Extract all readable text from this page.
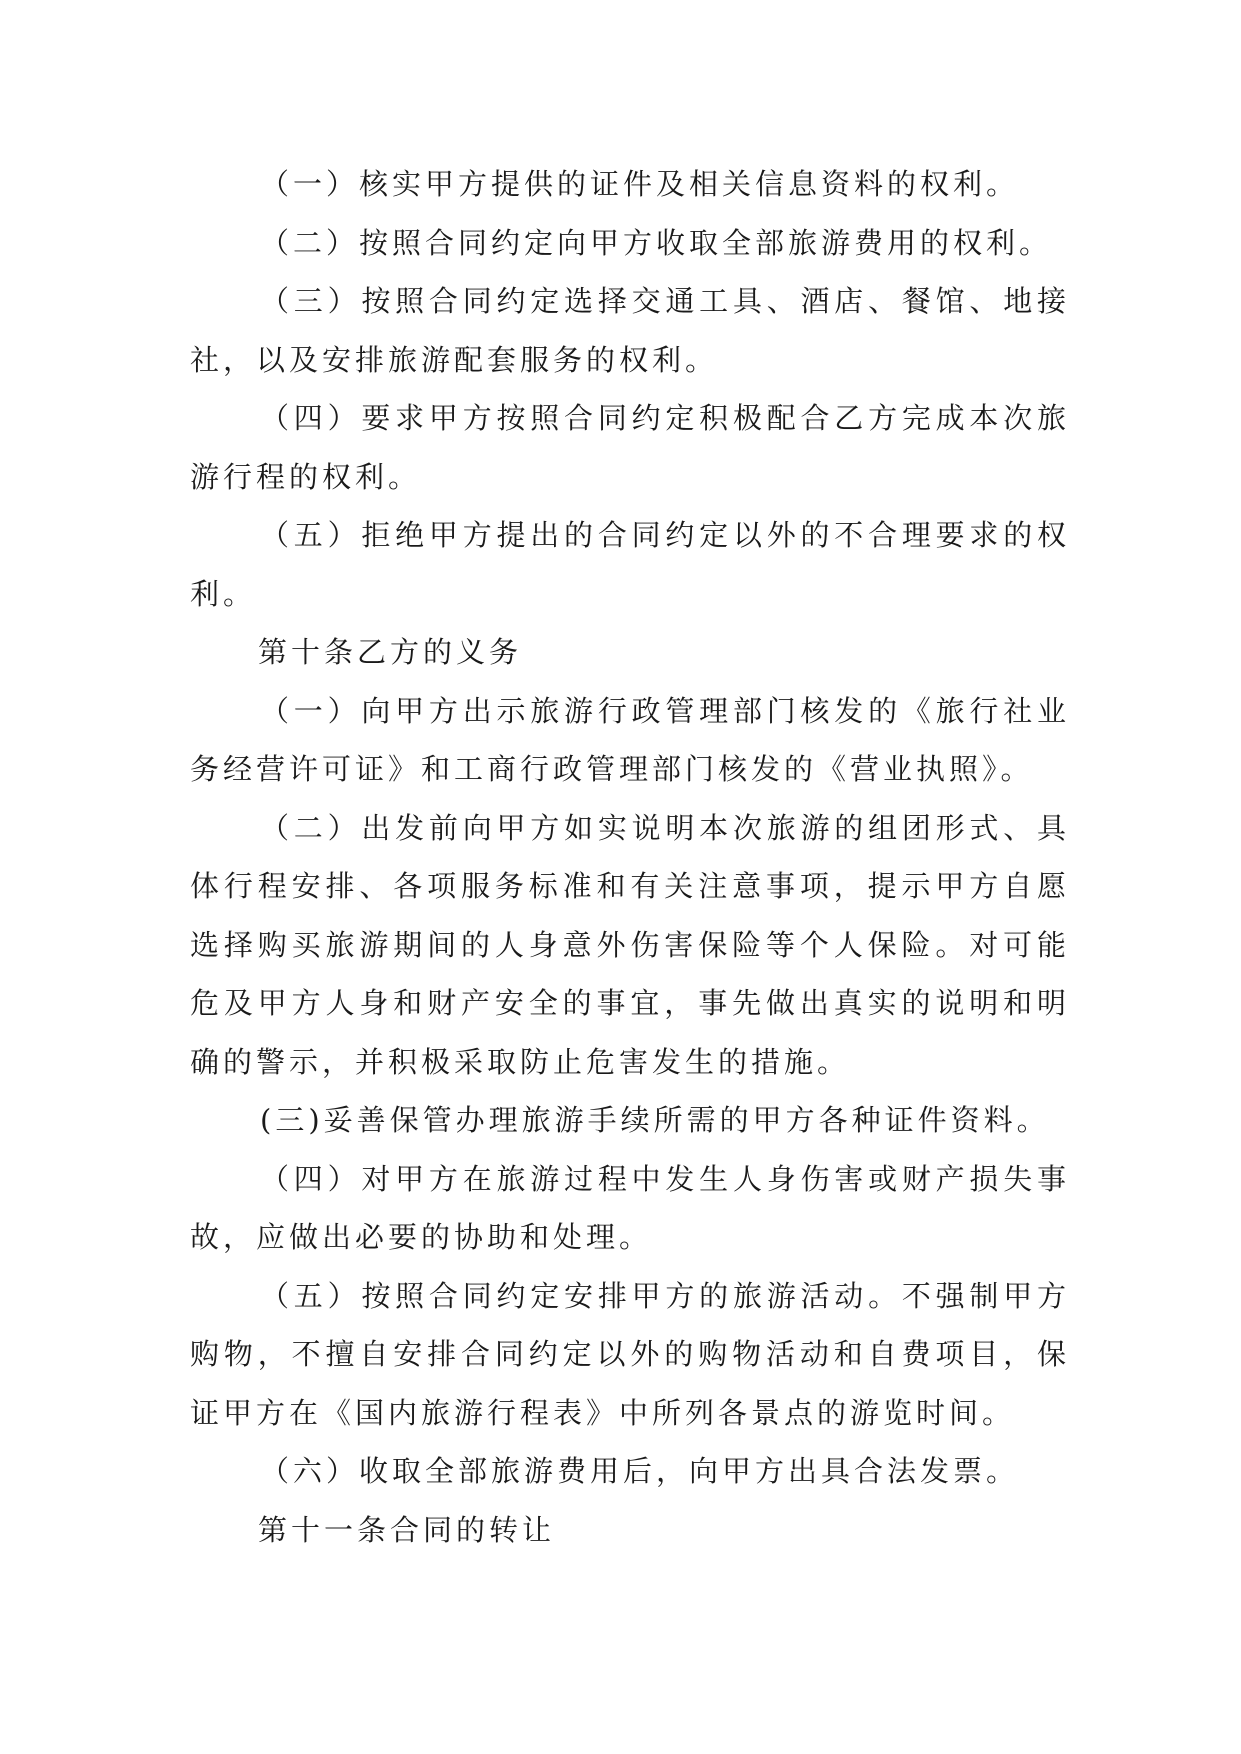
（一）核实甲方提供的证件及相关信息资料的权利。

（二）按照合同约定向甲方收取全部旅游费用的权利。

（三）按照合同约定选择交通工具、酒店、餐馆、地接社，以及安排旅游配套服务的权利。

（四）要求甲方按照合同约定积极配合乙方完成本次旅游行程的权利。

（五）拒绝甲方提出的合同约定以外的不合理要求的权利。

第十条乙方的义务

（一）向甲方出示旅游行政管理部门核发的《旅行社业务经营许可证》和工商行政管理部门核发的《营业执照》。

（二）出发前向甲方如实说明本次旅游的组团形式、具体行程安排、各项服务标准和有关注意事项，提示甲方自愿选择购买旅游期间的人身意外伤害保险等个人保险。对可能危及甲方人身和财产安全的事宜，事先做出真实的说明和明确的警示，并积极采取防止危害发生的措施。

(三)妥善保管办理旅游手续所需的甲方各种证件资料。

（四）对甲方在旅游过程中发生人身伤害或财产损失事故，应做出必要的协助和处理。

（五）按照合同约定安排甲方的旅游活动。不强制甲方购物，不擅自安排合同约定以外的购物活动和自费项目，保证甲方在《国内旅游行程表》中所列各景点的游览时间。

（六）收取全部旅游费用后，向甲方出具合法发票。

第十一条合同的转让
